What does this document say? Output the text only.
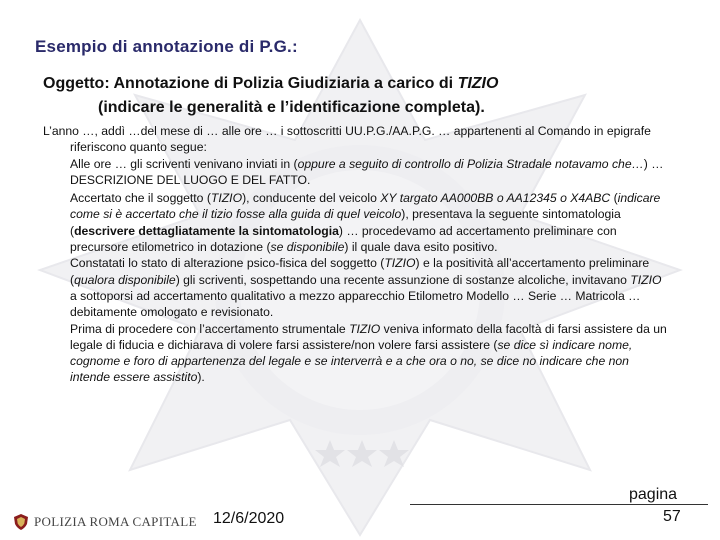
Esempio di annotazione di P.G.:
Oggetto: Annotazione di Polizia Giudiziaria a carico di TIZIO
(indicare le generalità e l’identificazione completa).

L’anno …, addì …del mese di … alle ore … i sottoscritti UU.P.G./AA.P.G. … appartenenti al Comando in epigrafe riferiscono quanto segue:

Alle ore … gli scriventi venivano inviati in (oppure a seguito di controllo di Polizia Stradale notavamo che…) … DESCRIZIONE DEL LUOGO E DEL FATTO.

Accertato che il soggetto (TIZIO), conducente del veicolo XY targato AA000BB o AA12345 o X4ABC (indicare come si è accertato che il tizio fosse alla guida di quel veicolo), presentava la seguente sintomatologia (descrivere dettagliatamente la sintomatologia) … procedevamo ad accertamento preliminare con precursore etilometrico in dotazione (se disponibile) il quale dava esito positivo.

Constatati lo stato di alterazione psico-fisica del soggetto (TIZIO) e la positività all’accertamento preliminare (qualora disponibile) gli scriventi, sospettando una recente assunzione di sostanze alcoliche, invitavano TIZIO a sottoporsi ad accertamento qualitativo a mezzo apparecchio Etilometro Modello … Serie … Matricola … debitamente omologato e revisionato.

Prima di procedere con l’accertamento strumentale TIZIO veniva informato della facoltà di farsi assistere da un legale di fiducia e dichiarava di volere farsi assistere/non volere farsi assistere (se dice sì indicare nome, cognome e foro di appartenenza del legale e se interverrà e a che ora o no, se dice no indicare che non intende essere assistito).

POLIZIA ROMA CAPITALE 12/6/2020
pagina
57
